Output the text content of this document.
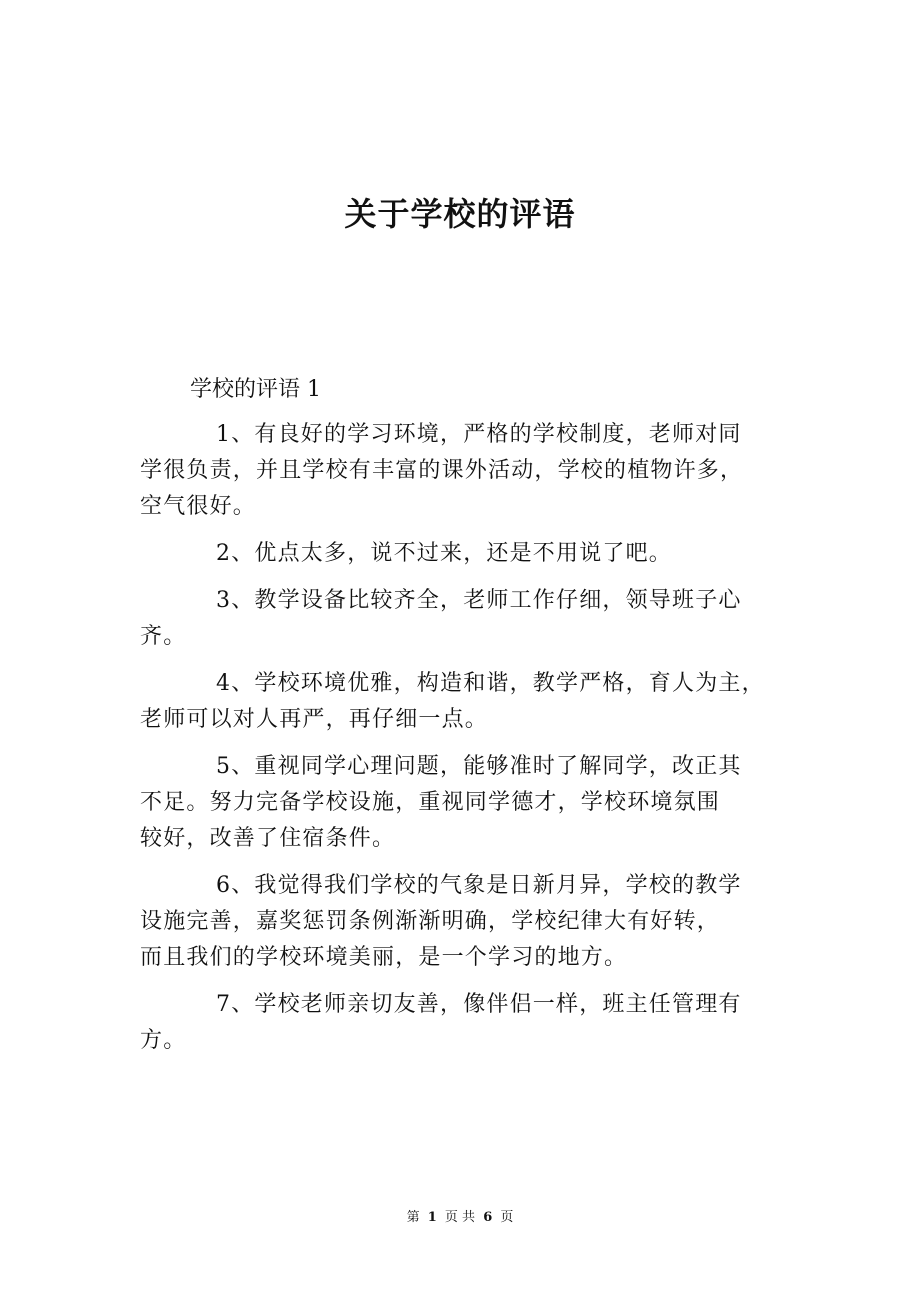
关于学校的评语
学校的评语 1

1、有良好的学习环境，严格的学校制度，老师对同
学很负责，并且学校有丰富的课外活动，学校的植物许多，
空气很好。

2、优点太多，说不过来，还是不用说了吧。

3、教学设备比较齐全，老师工作仔细，领导班子心
齐。

4、学校环境优雅，构造和谐，教学严格，育人为主，
老师可以对人再严，再仔细一点。

5、重视同学心理问题，能够准时了解同学，改正其
不足。努力完备学校设施，重视同学德才，学校环境氛围
较好，改善了住宿条件。

6、我觉得我们学校的气象是日新月异，学校的教学
设施完善，嘉奖惩罚条例渐渐明确，学校纪律大有好转，
而且我们的学校环境美丽，是一个学习的地方。

7、学校老师亲切友善，像伴侣一样，班主任管理有
方。

第 1 页 共 6 页
